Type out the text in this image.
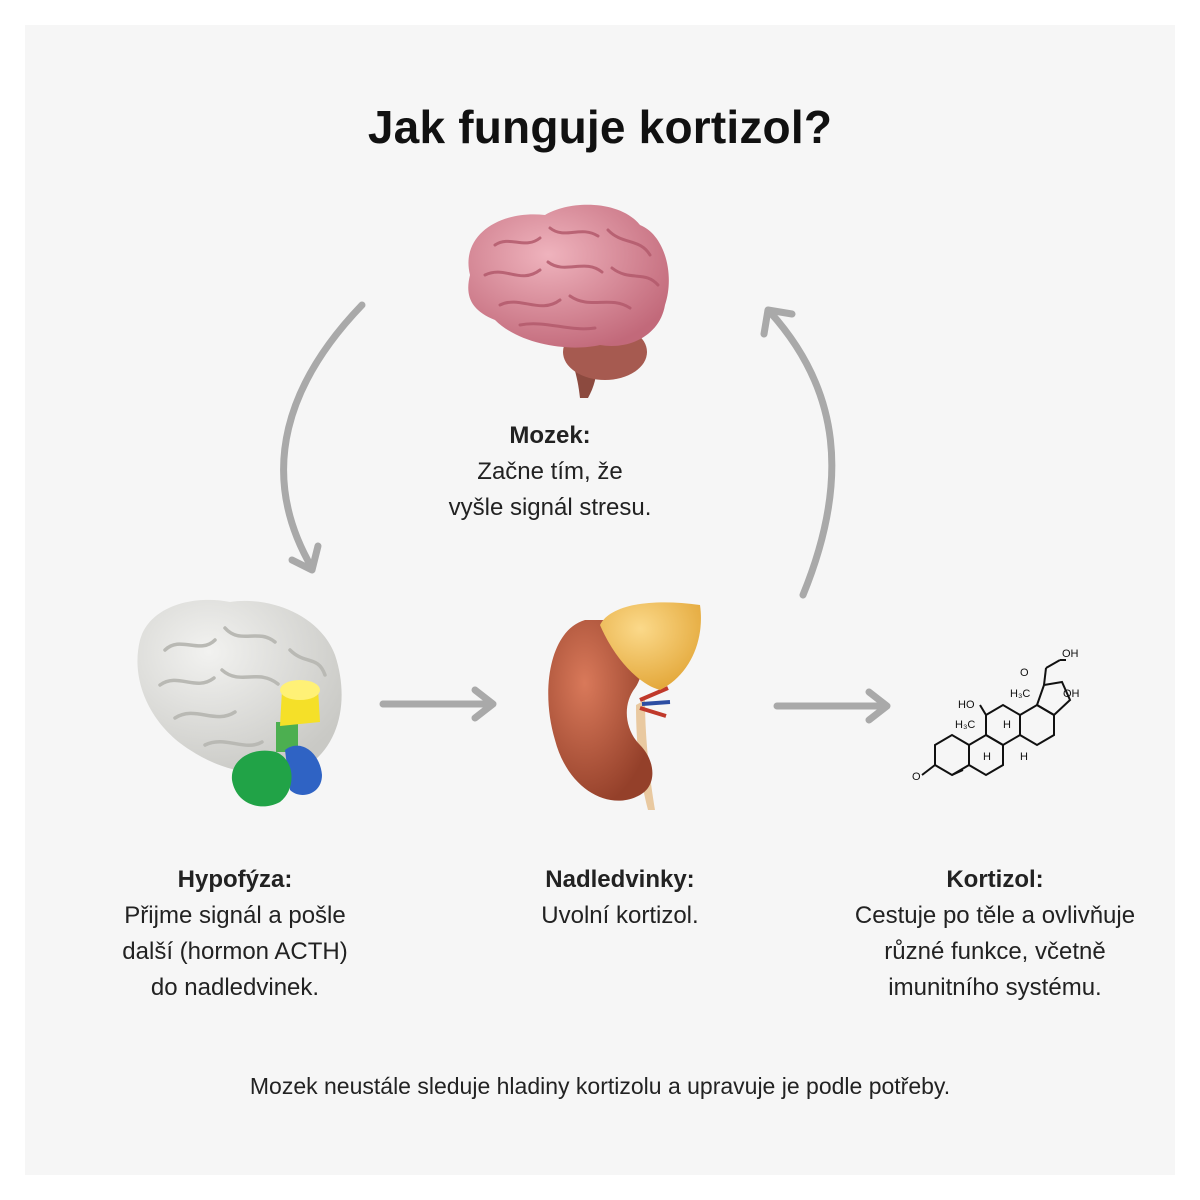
Jak funguje kortizol?
OH
OH
HO
H₃C
H₃C
O
O
H
H
H
Mozek:
Začne tím, že
vyšle signál stresu.
Hypofýza:
Přijme signál a pošle
další (hormon ACTH)
do nadledvinek.
Nadledvinky:
Uvolní kortizol.
Kortizol:
Cestuje po těle a ovlivňuje
různé funkce, včetně
imunitního systému.
Mozek neustále sleduje hladiny kortizolu a upravuje je podle potřeby.
